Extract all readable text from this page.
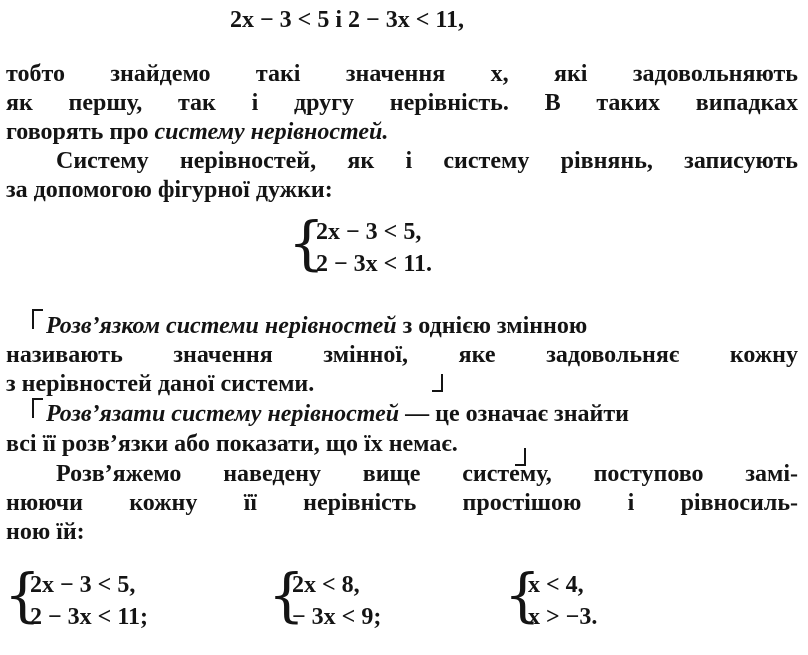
2x − 3 < 5 і 2 − 3x < 11,
тобто знайдемо такі значення x, які задовольняють
як першу, так і другу нерівність. В таких випадках
говорять про систему нерівностей.
Систему нерівностей, як і систему рівнянь, записують
за допомогою фігурної дужки:
{
2x − 3 < 5,
2 − 3x < 11.
Розв’язком системи нерівностей з однією змінною
називають значення змінної, яке задовольняє кожну
з нерівностей даної системи.
Розв’язати систему нерівностей — це означає знайти
всі її розв’язки або показати, що їх немає.
Розв’яжемо наведену вище систему, поступово замі-
нюючи кожну її нерівність простішою і рівносиль-
ною їй:
{
2x − 3 < 5,
2 − 3x < 11; {
2x < 8,
− 3x < 9; {
x < 4,
x > −3.
